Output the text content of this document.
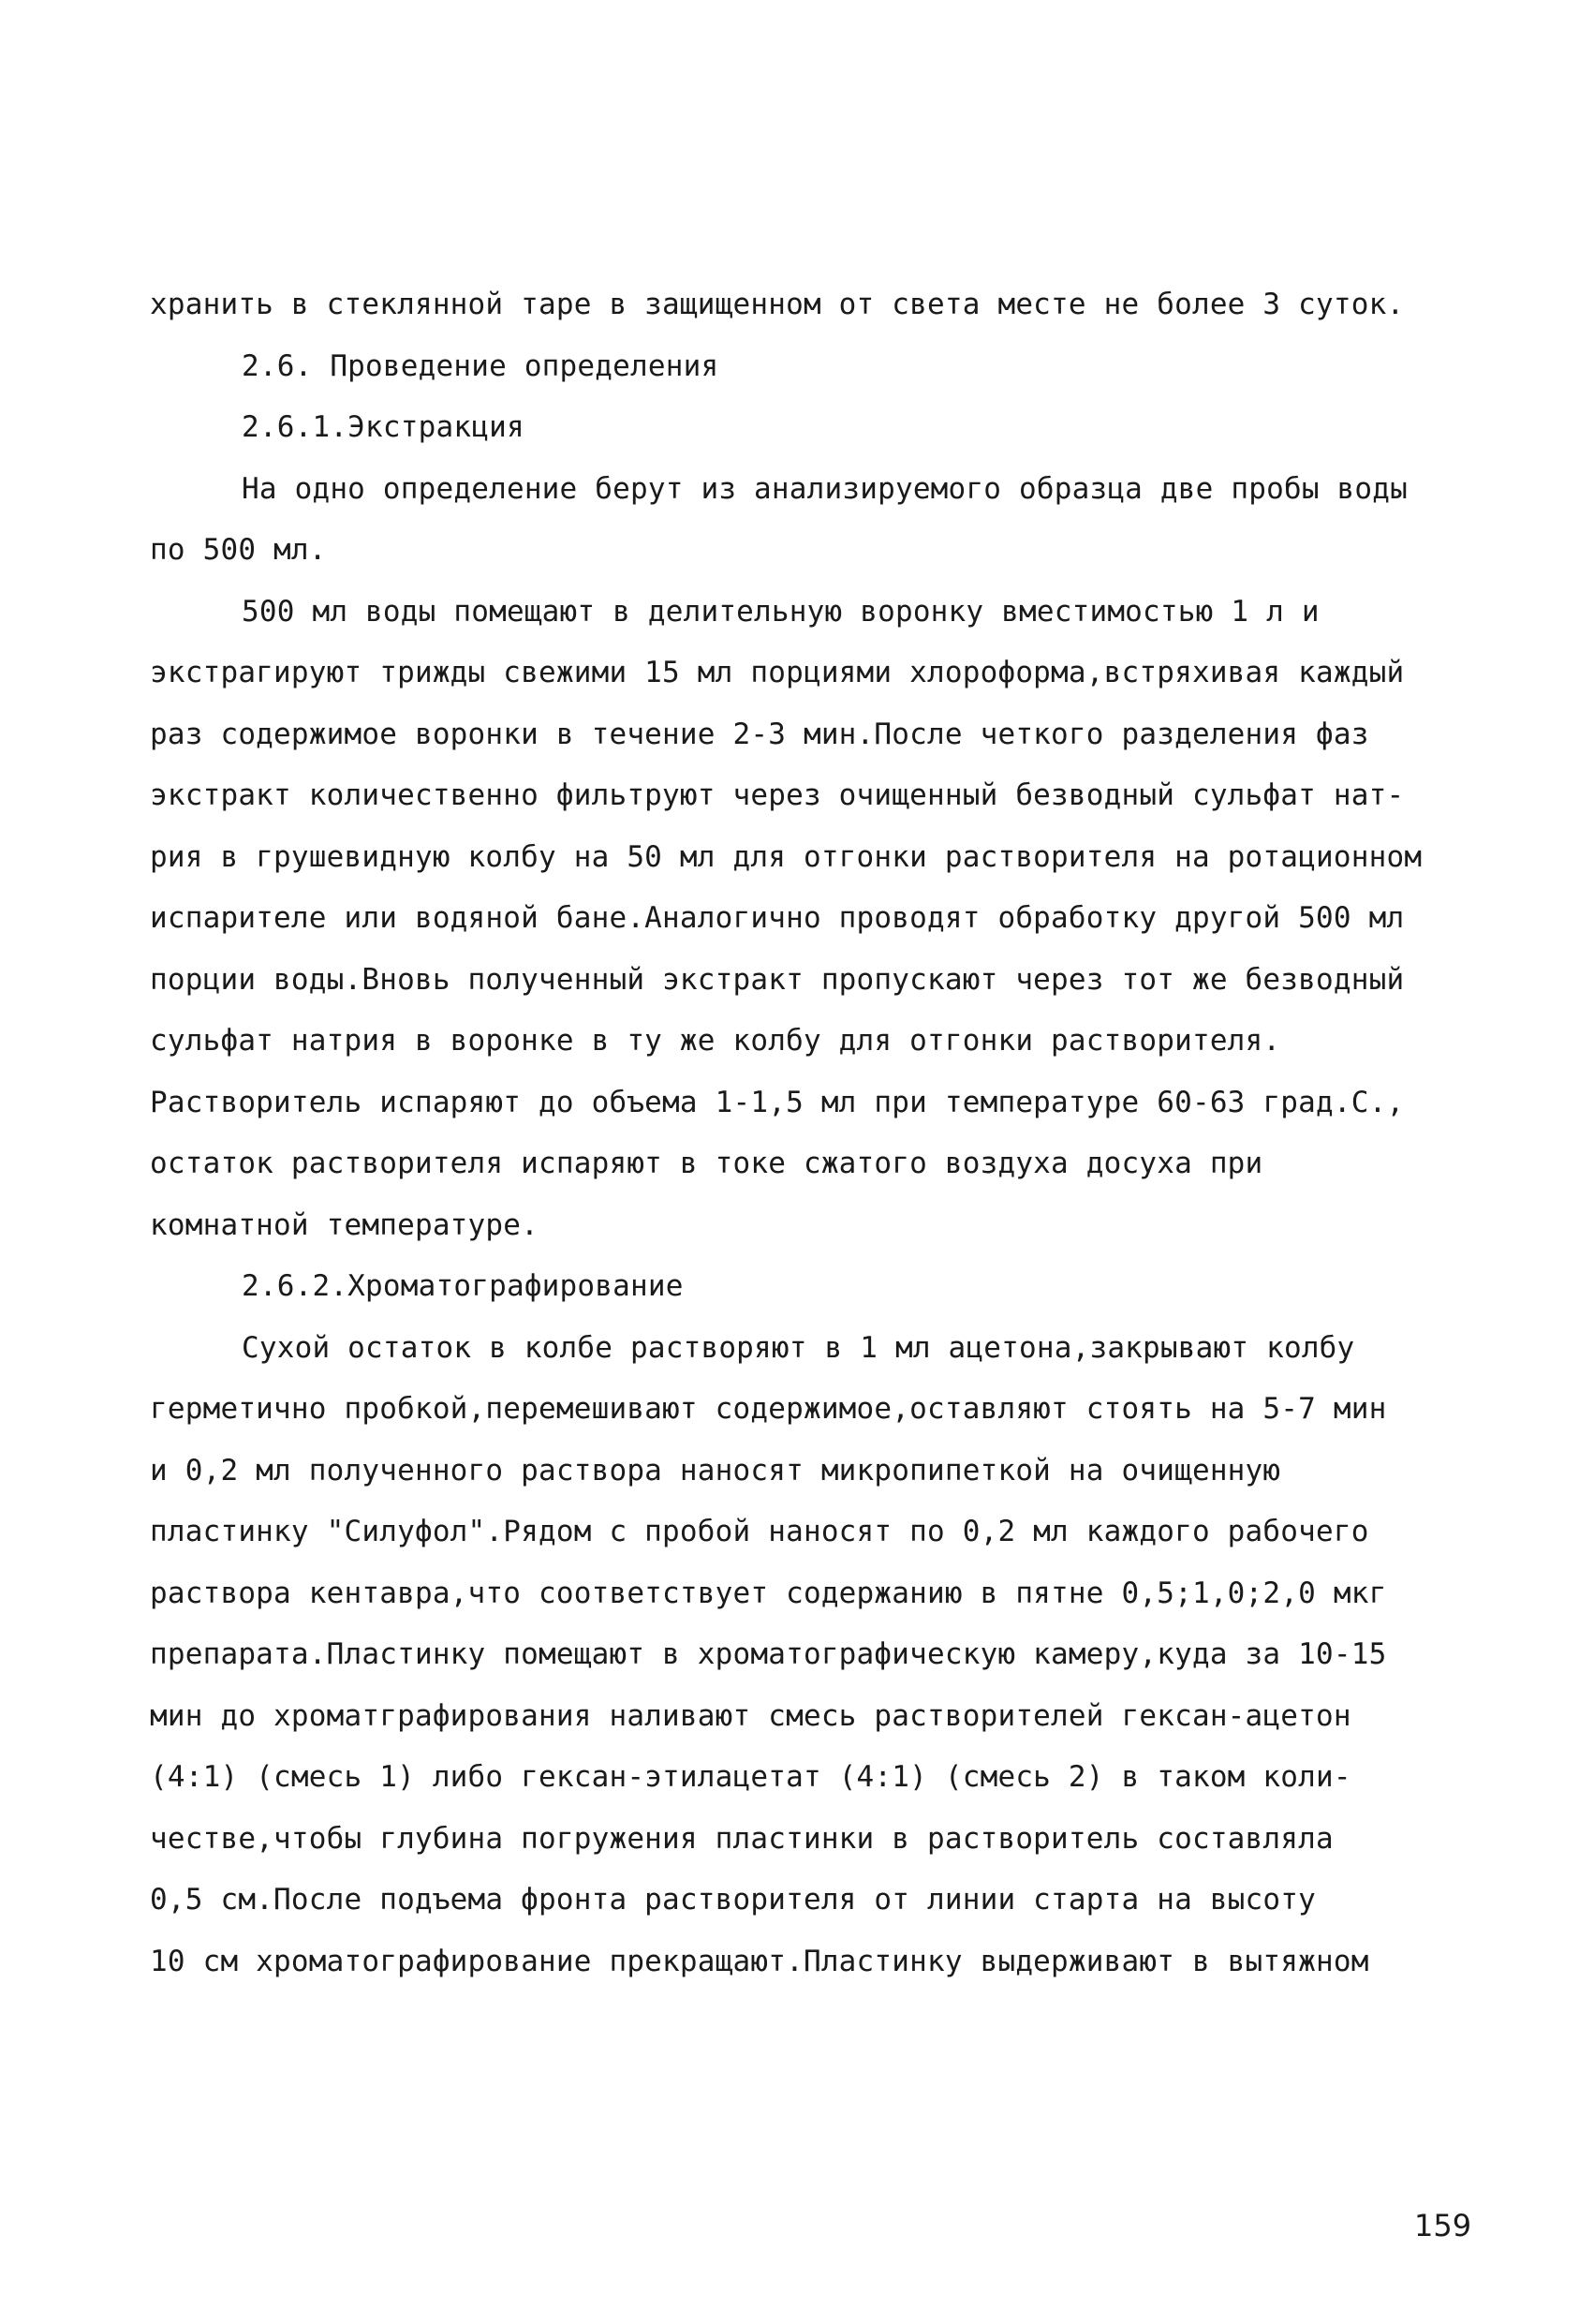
хранить в стеклянной таре в защищенном от света месте не более 3 суток.
2.6. Проведение определения
2.6.1.Экстракция
На одно определение берут из анализируемого образца две пробы воды
по 500 мл.
500 мл воды помещают в делительную воронку вместимостью 1 л и
экстрагируют трижды свежими 15 мл порциями хлороформа,встряхивая каждый
раз содержимое воронки в течение 2-3 мин.После четкого разделения фаз
экстракт количественно фильтруют через очищенный безводный сульфат нат-
рия в грушевидную колбу на 50 мл для отгонки растворителя на ротационном
испарителе или водяной бане.Аналогично проводят обработку другой 500 мл
порции воды.Вновь полученный экстракт пропускают через тот же безводный
сульфат натрия в воронке в ту же колбу для отгонки растворителя.
Растворитель испаряют до объема 1-1,5 мл при температуре 60-63 град.С.,
остаток растворителя испаряют в токе сжатого воздуха досуха при
комнатной температуре.
2.6.2.Хроматографирование
Сухой остаток в колбе растворяют в 1 мл ацетона,закрывают колбу
герметично пробкой,перемешивают содержимое,оставляют стоять на 5-7 мин
и 0,2 мл полученного раствора наносят микропипеткой на очищенную
пластинку "Силуфол".Рядом с пробой наносят по 0,2 мл каждого рабочего
раствора кентавра,что соответствует содержанию в пятне 0,5;1,0;2,0 мкг
препарата.Пластинку помещают в хроматографическую камеру,куда за 10-15
мин до хроматграфирования наливают смесь растворителей гексан-ацетон
(4:1) (смесь 1) либо гексан-этилацетат (4:1) (смесь 2) в таком коли-
честве,чтобы глубина погружения пластинки в растворитель составляла
0,5 см.После подъема фронта растворителя от линии старта на высоту
10 см хроматографирование прекращают.Пластинку выдерживают в вытяжном
159
